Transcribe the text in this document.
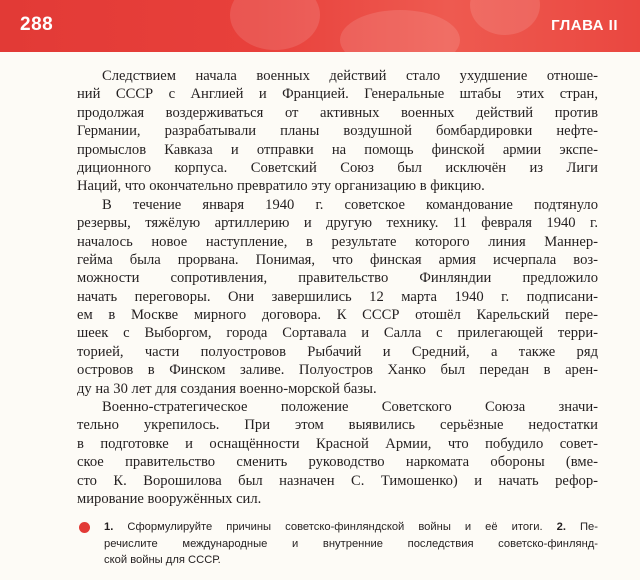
288	ГЛАВА II
Следствием начала военных действий стало ухудшение отноше-
ний СССР с Англией и Францией. Генеральные штабы этих стран,
продолжая воздерживаться от активных военных действий против
Германии, разрабатывали планы воздушной бомбардировки нефте-
промыслов Кавказа и отправки на помощь финской армии экспе-
диционного корпуса. Советский Союз был исключён из Лиги
Наций, что окончательно превратило эту организацию в фикцию.
В течение января 1940 г. советское командование подтянуло
резервы, тяжёлую артиллерию и другую технику. 11 февраля 1940 г.
началось новое наступление, в результате которого линия Маннер-
гейма была прорвана. Понимая, что финская армия исчерпала воз-
можности сопротивления, правительство Финляндии предложило
начать переговоры. Они завершились 12 марта 1940 г. подписани-
ем в Москве мирного договора. К СССР отошёл Карельский пере-
шеек с Выборгом, города Сортавала и Салла с прилегающей терри-
торией, части полуостровов Рыбачий и Средний, а также ряд
островов в Финском заливе. Полуостров Ханко был передан в арен-
ду на 30 лет для создания военно-морской базы.
Военно-стратегическое положение Советского Союза значи-
тельно укрепилось. При этом выявились серьёзные недостатки
в подготовке и оснащённости Красной Армии, что побудило совет-
ское правительство сменить руководство наркомата обороны (вме-
сто К. Ворошилова был назначен С. Тимошенко) и начать рефор-
мирование вооружённых сил.
1. Сформулируйте причины советско-финляндской войны и её итоги. 2. Пе-
речислите международные и внутренние последствия советско-финлянд-
ской войны для СССР.
